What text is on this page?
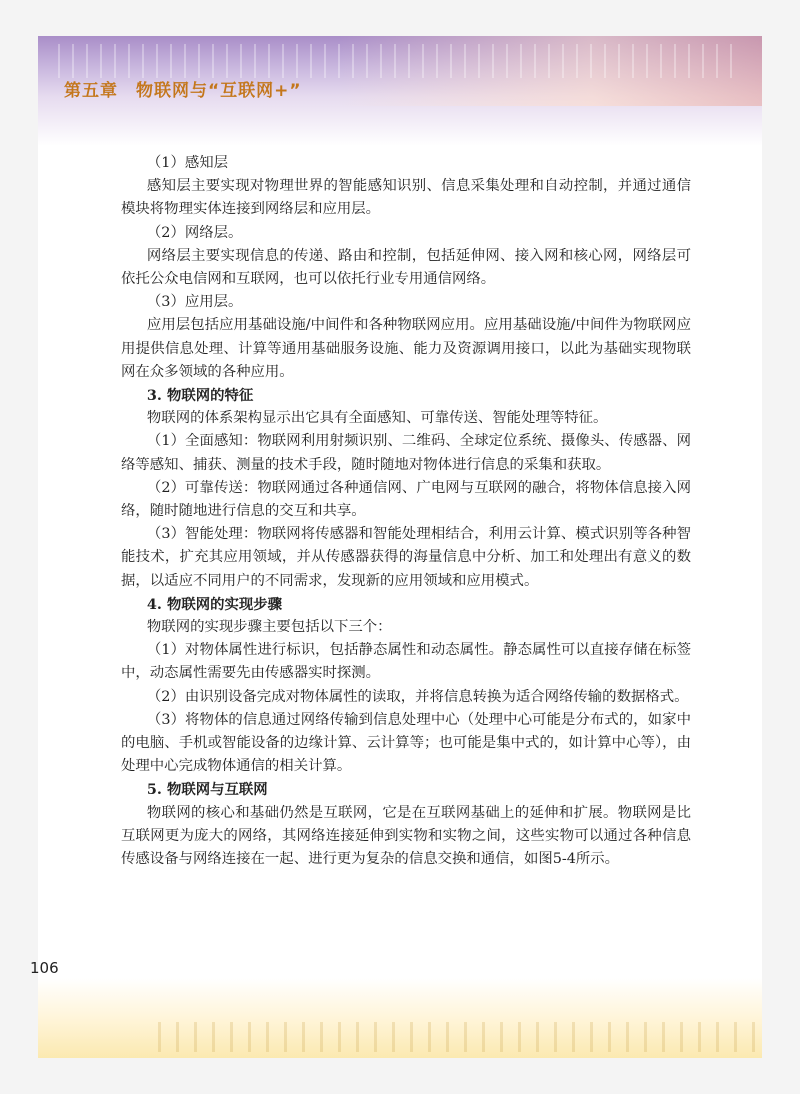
第五章　物联网与“互联网+”

（1）感知层

感知层主要实现对物理世界的智能感知识别、信息采集处理和自动控制，并通过通信模块将物理实体连接到网络层和应用层。

（2）网络层。

网络层主要实现信息的传递、路由和控制，包括延伸网、接入网和核心网，网络层可依托公众电信网和互联网，也可以依托行业专用通信网络。

（3）应用层。

应用层包括应用基础设施/中间件和各种物联网应用。应用基础设施/中间件为物联网应用提供信息处理、计算等通用基础服务设施、能力及资源调用接口，以此为基础实现物联网在众多领域的各种应用。

3. 物联网的特征

物联网的体系架构显示出它具有全面感知、可靠传送、智能处理等特征。

（1）全面感知：物联网利用射频识别、二维码、全球定位系统、摄像头、传感器、网络等感知、捕获、测量的技术手段，随时随地对物体进行信息的采集和获取。

（2）可靠传送：物联网通过各种通信网、广电网与互联网的融合，将物体信息接入网络，随时随地进行信息的交互和共享。

（3）智能处理：物联网将传感器和智能处理相结合，利用云计算、模式识别等各种智能技术，扩充其应用领域，并从传感器获得的海量信息中分析、加工和处理出有意义的数据，以适应不同用户的不同需求，发现新的应用领域和应用模式。

4. 物联网的实现步骤

物联网的实现步骤主要包括以下三个：

（1）对物体属性进行标识，包括静态属性和动态属性。静态属性可以直接存储在标签中，动态属性需要先由传感器实时探测。

（2）由识别设备完成对物体属性的读取，并将信息转换为适合网络传输的数据格式。

（3）将物体的信息通过网络传输到信息处理中心（处理中心可能是分布式的，如家中的电脑、手机或智能设备的边缘计算、云计算等；也可能是集中式的，如计算中心等），由处理中心完成物体通信的相关计算。

5. 物联网与互联网

物联网的核心和基础仍然是互联网，它是在互联网基础上的延伸和扩展。物联网是比互联网更为庞大的网络，其网络连接延伸到实物和实物之间，这些实物可以通过各种信息传感设备与网络连接在一起、进行更为复杂的信息交换和通信，如图5-4所示。

106
